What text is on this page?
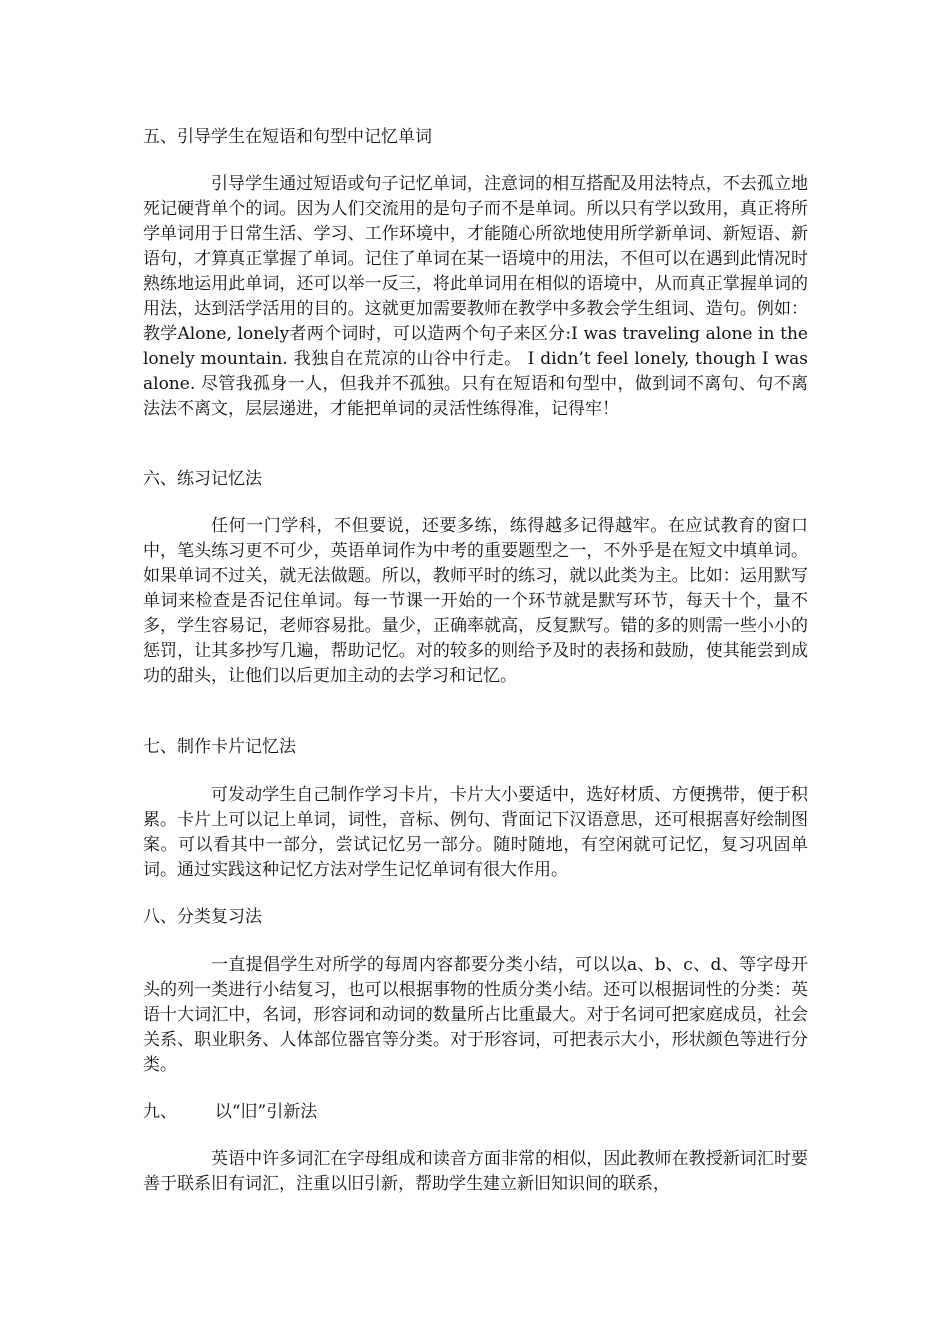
五、引导学生在短语和句型中记忆单词

引导学生通过短语或句子记忆单词，注意词的相互搭配及用法特点，不去孤立地死记硬背单个的词。因为人们交流用的是句子而不是单词。所以只有学以致用，真正将所学单词用于日常生活、学习、工作环境中，才能随心所欲地使用所学新单词、新短语、新语句，才算真正掌握了单词。记住了单词在某一语境中的用法，不但可以在遇到此情况时熟练地运用此单词，还可以举一反三，将此单词用在相似的语境中，从而真正掌握单词的用法，达到活学活用的目的。这就更加需要教师在教学中多教会学生组词、造句。例如：教学Alone, lonely者两个词时，可以造两个句子来区分:I was traveling alone in the lonely mountain. 我独自在荒凉的山谷中行走。 I didn’t feel lonely, though I was alone. 尽管我孤身一人，但我并不孤独。只有在短语和句型中，做到词不离句、句不离法法不离文，层层递进，才能把单词的灵活性练得准，记得牢！

六、练习记忆法

任何一门学科，不但要说，还要多练，练得越多记得越牢。在应试教育的窗口中，笔头练习更不可少，英语单词作为中考的重要题型之一，不外乎是在短文中填单词。如果单词不过关，就无法做题。所以，教师平时的练习，就以此类为主。比如：运用默写单词来检查是否记住单词。每一节课一开始的一个环节就是默写环节，每天十个，量不多，学生容易记，老师容易批。量少，正确率就高，反复默写。错的多的则需一些小小的惩罚，让其多抄写几遍，帮助记忆。对的较多的则给予及时的表扬和鼓励，使其能尝到成功的甜头，让他们以后更加主动的去学习和记忆。

七、制作卡片记忆法

可发动学生自己制作学习卡片，卡片大小要适中，选好材质、方便携带，便于积累。卡片上可以记上单词，词性，音标、例句、背面记下汉语意思，还可根据喜好绘制图案。可以看其中一部分，尝试记忆另一部分。随时随地，有空闲就可记忆，复习巩固单词。通过实践这种记忆方法对学生记忆单词有很大作用。

八、分类复习法

一直提倡学生对所学的每周内容都要分类小结，可以以a、b、c、d、等字母开头的列一类进行小结复习，也可以根据事物的性质分类小结。还可以根据词性的分类：英语十大词汇中，名词，形容词和动词的数量所占比重最大。对于名词可把家庭成员，社会关系、职业职务、人体部位器官等分类。对于形容词，可把表示大小，形状颜色等进行分类。

九、       以“旧”引新法

英语中许多词汇在字母组成和读音方面非常的相似，因此教师在教授新词汇时要善于联系旧有词汇，注重以旧引新，帮助学生建立新旧知识间的联系，
